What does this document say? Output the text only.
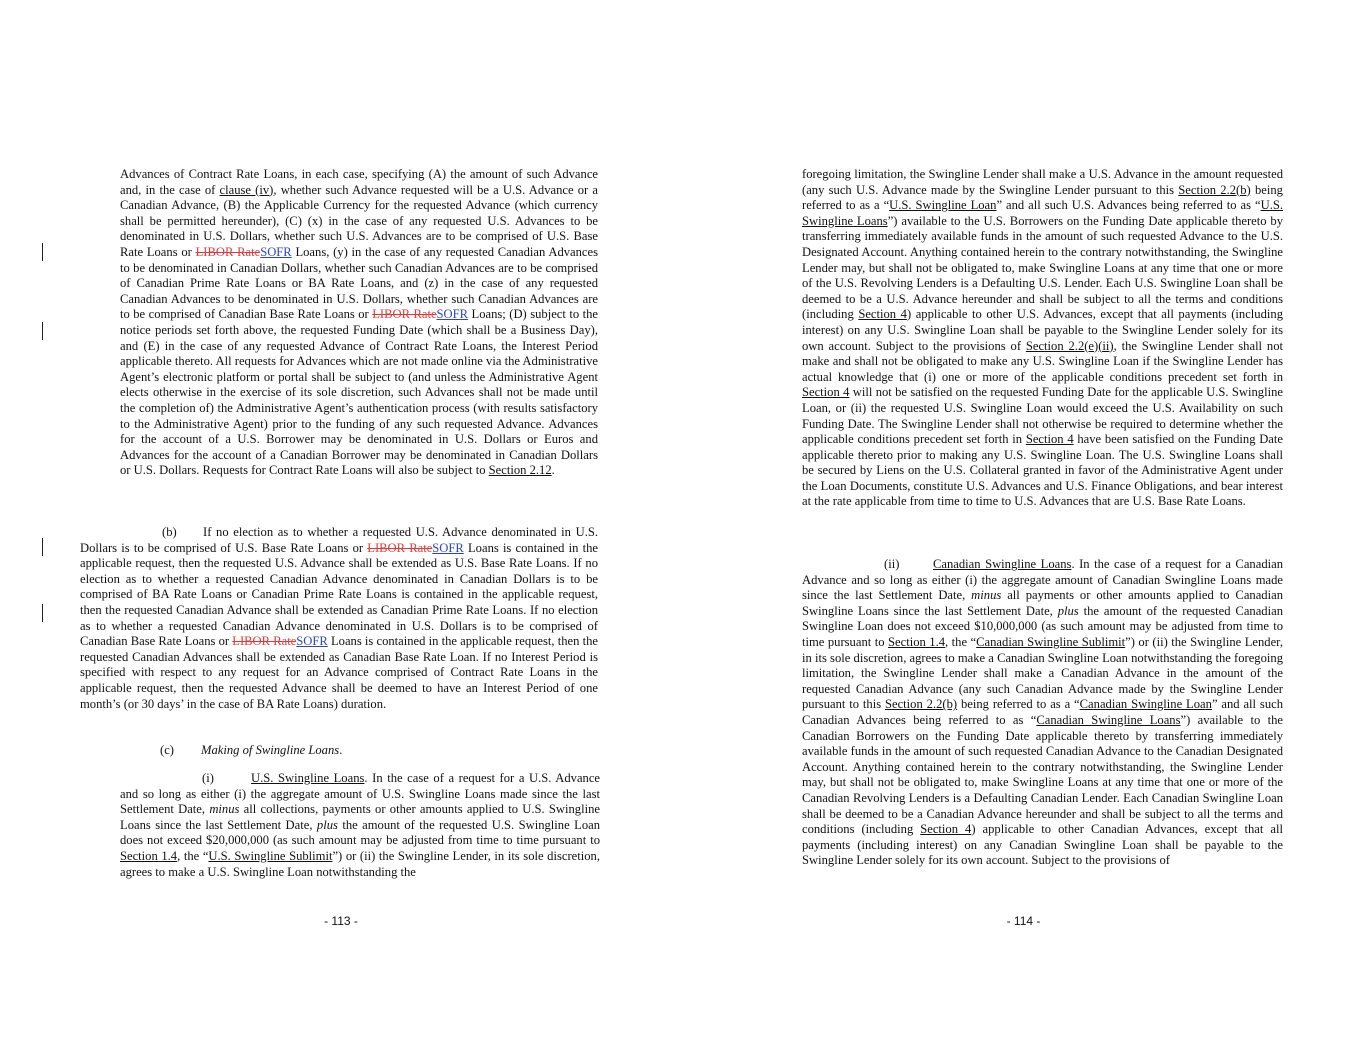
Advances of Contract Rate Loans, in each case, specifying (A) the amount of such Advance and, in the case of clause (iv), whether such Advance requested will be a U.S. Advance or a Canadian Advance, (B) the Applicable Currency for the requested Advance (which currency shall be permitted hereunder), (C) (x) in the case of any requested U.S. Advances to be denominated in U.S. Dollars, whether such U.S. Advances are to be comprised of U.S. Base Rate Loans or LIBOR RateSOFR Loans, (y) in the case of any requested Canadian Advances to be denominated in Canadian Dollars, whether such Canadian Advances are to be comprised of Canadian Prime Rate Loans or BA Rate Loans, and (z) in the case of any requested Canadian Advances to be denominated in U.S. Dollars, whether such Canadian Advances are to be comprised of Canadian Base Rate Loans or LIBOR RateSOFR Loans; (D) subject to the notice periods set forth above, the requested Funding Date (which shall be a Business Day), and (E) in the case of any requested Advance of Contract Rate Loans, the Interest Period applicable thereto. All requests for Advances which are not made online via the Administrative Agent’s electronic platform or portal shall be subject to (and unless the Administrative Agent elects otherwise in the exercise of its sole discretion, such Advances shall not be made until the completion of) the Administrative Agent’s authentication process (with results satisfactory to the Administrative Agent) prior to the funding of any such requested Advance. Advances for the account of a U.S. Borrower may be denominated in U.S. Dollars or Euros and Advances for the account of a Canadian Borrower may be denominated in Canadian Dollars or U.S. Dollars. Requests for Contract Rate Loans will also be subject to Section 2.12.

(b) If no election as to whether a requested U.S. Advance denominated in U.S. Dollars is to be comprised of U.S. Base Rate Loans or LIBOR RateSOFR Loans is contained in the applicable request, then the requested U.S. Advance shall be extended as U.S. Base Rate Loans. If no election as to whether a requested Canadian Advance denominated in Canadian Dollars is to be comprised of BA Rate Loans or Canadian Prime Rate Loans is contained in the applicable request, then the requested Canadian Advance shall be extended as Canadian Prime Rate Loans. If no election as to whether a requested Canadian Advance denominated in U.S. Dollars is to be comprised of Canadian Base Rate Loans or LIBOR RateSOFR Loans is contained in the applicable request, then the requested Canadian Advances shall be extended as Canadian Base Rate Loan. If no Interest Period is specified with respect to any request for an Advance comprised of Contract Rate Loans in the applicable request, then the requested Advance shall be deemed to have an Interest Period of one month’s (or 30 days’ in the case of BA Rate Loans) duration.

(c) Making of Swingline Loans.

(i)	U.S. Swingline Loans. In the case of a request for a U.S. Advance and so long as either (i) the aggregate amount of U.S. Swingline Loans made since the last Settlement Date, minus all collections, payments or other amounts applied to U.S. Swingline Loans since the last Settlement Date, plus the amount of the requested U.S. Swingline Loan does not exceed $20,000,000 (as such amount may be adjusted from time to time pursuant to Section 1.4, the “U.S. Swingline Sublimit”) or (ii) the Swingline Lender, in its sole discretion, agrees to make a U.S. Swingline Loan notwithstanding the

- 113 -

foregoing limitation, the Swingline Lender shall make a U.S. Advance in the amount requested (any such U.S. Advance made by the Swingline Lender pursuant to this Section 2.2(b) being referred to as a “U.S. Swingline Loan” and all such U.S. Advances being referred to as “U.S. Swingline Loans”) available to the U.S. Borrowers on the Funding Date applicable thereto by transferring immediately available funds in the amount of such requested Advance to the U.S. Designated Account. Anything contained herein to the contrary notwithstanding, the Swingline Lender may, but shall not be obligated to, make Swingline Loans at any time that one or more of the U.S. Revolving Lenders is a Defaulting U.S. Lender. Each U.S. Swingline Loan shall be deemed to be a U.S. Advance hereunder and shall be subject to all the terms and conditions (including Section 4) applicable to other U.S. Advances, except that all payments (including interest) on any U.S. Swingline Loan shall be payable to the Swingline Lender solely for its own account. Subject to the provisions of Section 2.2(e)(ii), the Swingline Lender shall not make and shall not be obligated to make any U.S. Swingline Loan if the Swingline Lender has actual knowledge that (i) one or more of the applicable conditions precedent set forth in Section 4 will not be satisfied on the requested Funding Date for the applicable U.S. Swingline Loan, or (ii) the requested U.S. Swingline Loan would exceed the U.S. Availability on such Funding Date. The Swingline Lender shall not otherwise be required to determine whether the applicable conditions precedent set forth in Section 4 have been satisfied on the Funding Date applicable thereto prior to making any U.S. Swingline Loan. The U.S. Swingline Loans shall be secured by Liens on the U.S. Collateral granted in favor of the Administrative Agent under the Loan Documents, constitute U.S. Advances and U.S. Finance Obligations, and bear interest at the rate applicable from time to time to U.S. Advances that are U.S. Base Rate Loans.

(ii)	Canadian Swingline Loans. In the case of a request for a Canadian Advance and so long as either (i) the aggregate amount of Canadian Swingline Loans made since the last Settlement Date, minus all payments or other amounts applied to Canadian Swingline Loans since the last Settlement Date, plus the amount of the requested Canadian Swingline Loan does not exceed $10,000,000 (as such amount may be adjusted from time to time pursuant to Section 1.4, the “Canadian Swingline Sublimit”) or (ii) the Swingline Lender, in its sole discretion, agrees to make a Canadian Swingline Loan notwithstanding the foregoing limitation, the Swingline Lender shall make a Canadian Advance in the amount of the requested Canadian Advance (any such Canadian Advance made by the Swingline Lender pursuant to this Section 2.2(b) being referred to as a “Canadian Swingline Loan” and all such Canadian Advances being referred to as “Canadian Swingline Loans”) available to the Canadian Borrowers on the Funding Date applicable thereto by transferring immediately available funds in the amount of such requested Canadian Advance to the Canadian Designated Account. Anything contained herein to the contrary notwithstanding, the Swingline Lender may, but shall not be obligated to, make Swingline Loans at any time that one or more of the Canadian Revolving Lenders is a Defaulting Canadian Lender. Each Canadian Swingline Loan shall be deemed to be a Canadian Advance hereunder and shall be subject to all the terms and conditions (including Section 4) applicable to other Canadian Advances, except that all payments (including interest) on any Canadian Swingline Loan shall be payable to the Swingline Lender solely for its own account. Subject to the provisions of

- 114 -
